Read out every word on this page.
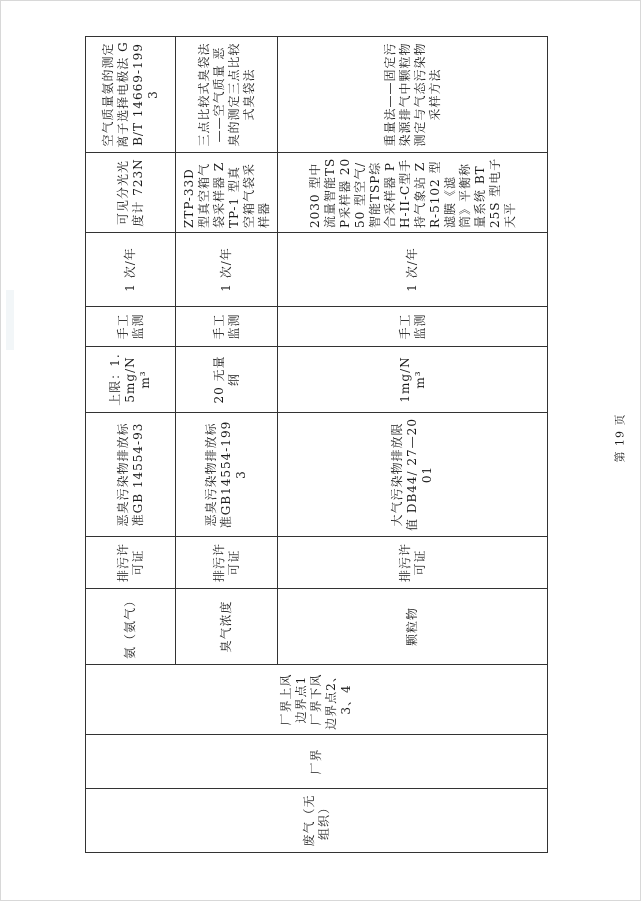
废气（无组织）	厂界	厂界上风边界点1 厂界下风边界点2、3、4	氨（氨气）	排污许可证	恶臭污染物排放标准GB 14554-93	上限：1.5mg/Nm³	手工监测	1 次/年	可见分光光度计 723N	空气质量氨的测定离子选择电极法 GB/T 14669-1993
			臭气浓度	排污许可证	恶臭污染物排放标准GB14554-1993	20 无量纲	手工监测	1 次/年	ZTP-33D 型真空箱气袋采样器 ZTP-1 型真空箱气袋采样器	三点比较式臭袋法——空气质量 恶臭的测定三点比较式臭袋法
			颗粒物	排污许可证	大气污染物排放限值 DB44/ 27—2001	1mg/Nm³	手工监测	1 次/年	2030 型中流量智能TSP采样器 2050 型空气/智能TSP综合采样器 PH-II-C型手持气象站 ZR-5102 型滤膜《滤筒》平衡称量系统 BT25S 型电子天平	重量法——固定污染源排气中颗粒物测定与气态污染物采样方法
第 19 页
